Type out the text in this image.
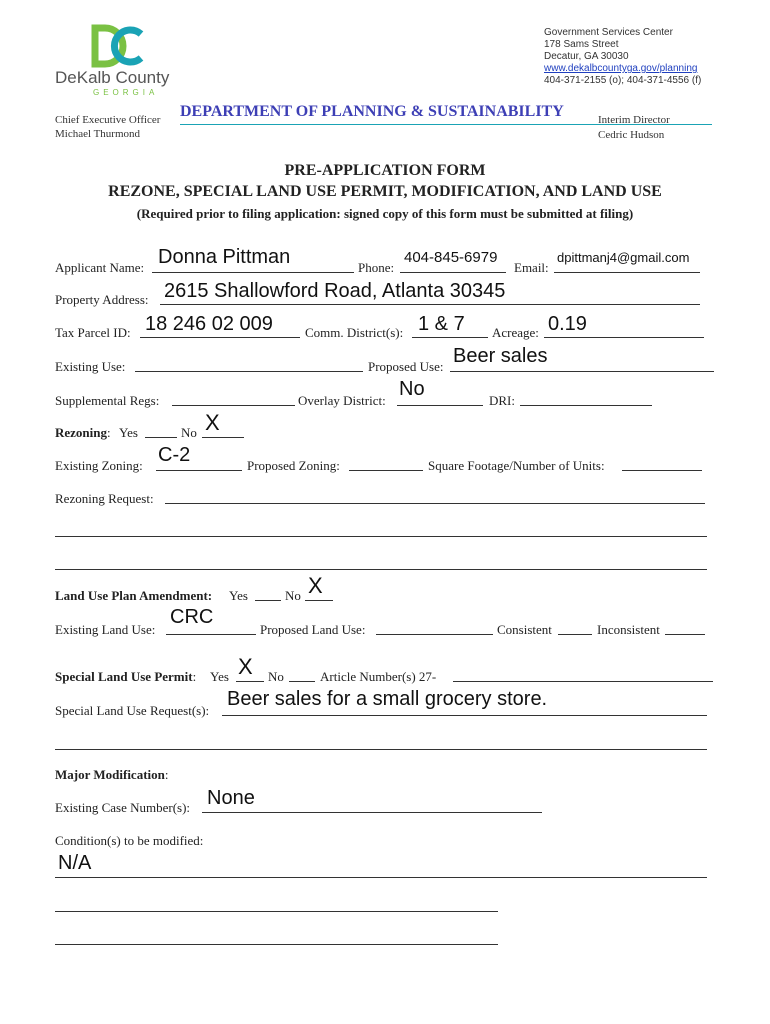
DeKalb County
GEORGIA
Government Services Center
178 Sams Street
Decatur, GA 30030
www.dekalbcountyga.gov/planning
404-371-2155 (o); 404-371-4556 (f)
Chief Executive Officer
Michael Thurmond
DEPARTMENT OF PLANNING & SUSTAINABILITY	Interim Director
Cedric Hudson
PRE-APPLICATION FORM
REZONE, SPECIAL LAND USE PERMIT, MODIFICATION, AND LAND USE
(Required prior to filing application: signed copy of this form must be submitted at filing)
Applicant Name: Donna Pittman	Phone:
404-845-6979
Email:
dpittmanj4@gmail.com
Property Address: 2615 Shallowford Road, Atlanta 30345
Tax Parcel ID: 18 246 02 009 Comm. District(s): 1 & 7 Acreage: 0.19
Existing Use:	Proposed Use: Beer sales
Supplemental Regs:	Overlay District:
No
DRI:
Rezoning: Yes	No X
Existing Zoning: C-2	Proposed Zoning:	Square Footage/Number of Units:
Rezoning Request:
Land Use Plan Amendment: Yes	No X
Existing Land Use:
CRC
Proposed Land Use:	Consistent	Inconsistent
Special Land Use Permit: Yes X No	Article Number(s) 27-
Special Land Use Request(s):
Beer sales for a small grocery store.
Major Modification:
Existing Case Number(s): None
Condition(s) to be modified:
N/A
